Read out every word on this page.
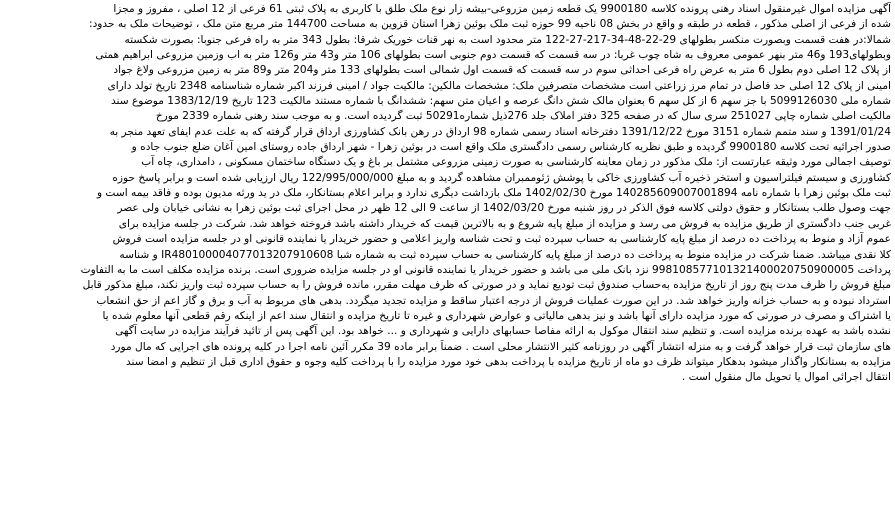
آگهی مزایده اموال غیرمنقول اسناد رهنی پرونده کلاسه 9900180 یک قطعه زمین مزروعی-بیشه زار نوع ملک طلق با کاربری به پلاک ثبتی 61 فرعی از 12 اصلی ، مفروز و مجزا
شده از فرعی از اصلی مذکور ، قطعه در طبقه و واقع در بخش 08 ناحیه 99 حوزه ثبت ملک بوئین زهرا استان قزوین به مساحت 144700 متر مربع متن ملک ، توضیحات ملک به حدود:
شمالا:در هفت قسمت وبصورت منکسر بطولهای 29-22-48-34-217-27-122 متر محدود است به نهر قنات خوریک شرقا: بطول 343 متر به راه فرعی جنوبا: بصورت شکسته
وبطولهای193 و46 متر بنهر عمومی معروف به شاه چوب غربا: در سه قسمت که قسمت دوم جنوبی است بطولهای 106 متر و43 متر و126 متر به اب وزمین مزروعی ابراهیم همتی
از پلاک 12 اصلی دوم بطول 6 متر به عرض راه فرعی احداثی سوم در سه قسمت که قسمت اول شمالی است بطولهای 133 متر و204 متر و89 متر به زمین مزروعی ولاغ جواد
امینی از پلاک 12 اصلی حد فاصل در تمام مرز زراعتی است مشخصات متصرفین ملک: مشخصات مالکین: مالکیت جواد / امینی فرزند اکبر شماره شناسنامه 2348 تاریخ تولد دارای
شماره ملی 5099126030 با جز سهم 6 از کل سهم 6 بعنوان مالک شش دانگ عرصه و اعیان متن سهم: ششدانگ با شماره مستند مالکیت 123 تاریخ 1383/12/19 موضوع سند
مالکیت اصلی شماره چاپی 251027 سری سال که در صفحه 325 دفتر املاک جلد 276ذیل شماره50291 ثبت گردیده است. و به موجب سند رهنی شماره 2339 مورخ
1391/01/24 و سند متمم شماره 3151 مورخ 1391/12/22 دفترخانه اسناد رسمی شماره 98 ارداق در رهن بانک کشاورزی ارداق قرار گرفته که به علت عدم ایفای تعهد منجر به
صدور اجرائیه تحت کلاسه 9900180 گردیده و طبق نظریه کارشناس رسمی دادگستری ملک واقع است در بوئین زهرا - شهر ارداق جاده روستای امین آغان ضلع جنوب جاده و
توصیف اجمالی مورد وثیقه عبارتست از: ملک مذکور در زمان معاینه کارشناسی به صورت زمینی مزروعی مشتمل بر باغ و یک دستگاه ساختمان مسکونی ، دامداری، چاه آب
کشاورزی و سیستم فیلتراسیون و استخر ذخیره آب کشاورزی خاکی با پوشش ژئوممبران مشاهده گردید و به مبلغ 122/995/000/000 ریال ارزیابی شده است و برابر پاسخ حوزه
ثبت ملک بوئین زهرا با شماره نامه 140285609007001894 مورخ 1402/02/30 ملک بازداشت دیگری ندارد و برابر اعلام بستانکار، ملک در ید ورثه مدیون بوده و فاقد بیمه است و
جهت وصول طلب بستانکار و حقوق دولتی کلاسه فوق الذکر در روز شنبه مورخ 1402/03/20 از ساعت 9 الی 12 ظهر در محل اجرای ثبت بوئین زهرا به نشانی خیابان ولی عصر
غربی جنب دادگستری از طریق مزایده به فروش می رسد و مزایده از مبلغ پایه شروع و به بالاترین قیمت که خریدار داشته باشد فروخته خواهد شد. شرکت در جلسه مزایده برای
عموم آزاد و منوط به پرداخت ده درصد از مبلغ پایه کارشناسی به حساب سپرده ثبت و تحت شناسه واریز اعلامی و حضور خریدار یا نماینده قانونی او در جلسه مزایده است فروش
کلا نقدی میباشد. ضمنا شرکت در مزایده منوط به پرداخت ده درصد از مبلغ پایه کارشناسی به حساب سپرده ثبت به شماره شبا IR480100004077013207910608 و شناسه
پرداخت 998108577101321400020750900005 نزد بانک ملی می باشد و حضور خریدار یا نماینده قانونی او در جلسه مزایده ضروری است. برنده مزایده مکلف است ما به التفاوت
مبلغ فروش را ظرف مدت پنج روز از تاریخ مزایده به‌حساب صندوق ثبت تودیع نماید و در صورتی که ظرف مهلت مقرر، مانده فروش را به حساب سپرده ثبت واریز نکند، مبلغ مذکور قابل
استرداد نبوده و به حساب خزانه واریز خواهد شد. در این صورت عملیات فروش از درجه اعتبار ساقط و مزایده تجدید میگردد. بدهی های مربوط به آب و برق و گاز اعم از حق انشعاب
یا اشتراک و مصرف در صورتی که مورد مزایده دارای آنها باشد و نیز بدهی مالیاتی و عوارض شهرداری و غیره تا تاریخ مزایده و انتقال سند اعم از اینکه رقم قطعی آنها معلوم شده یا
نشده باشد به عهده برنده مزایده است. و تنظیم سند انتقال موکول به ارائه مفاصا حسابهای دارایی و شهرداری و ... خواهد بود. این آگهی پس از تائید فرآیند مزایده در سایت آگهی
های سازمان ثبت قرار خواهد گرفت و به منزله انتشار آگهی در روزنامه کثیر الانتشار محلی است . ضمناً برابر ماده 39 مکرر آئین نامه اجرا در کلیه پرونده های اجرایی که مال مورد
مزایده به بستانکار واگذار میشود بدهکار میتواند ظرف دو ماه از تاریخ مزایده با پرداخت بدهی خود مورد مزایده را با پرداخت کلیه وجوه و حقوق اداری قبل از تنظیم و امضا سند
انتقال اجرائی اموال یا تحویل مال منقول است .
